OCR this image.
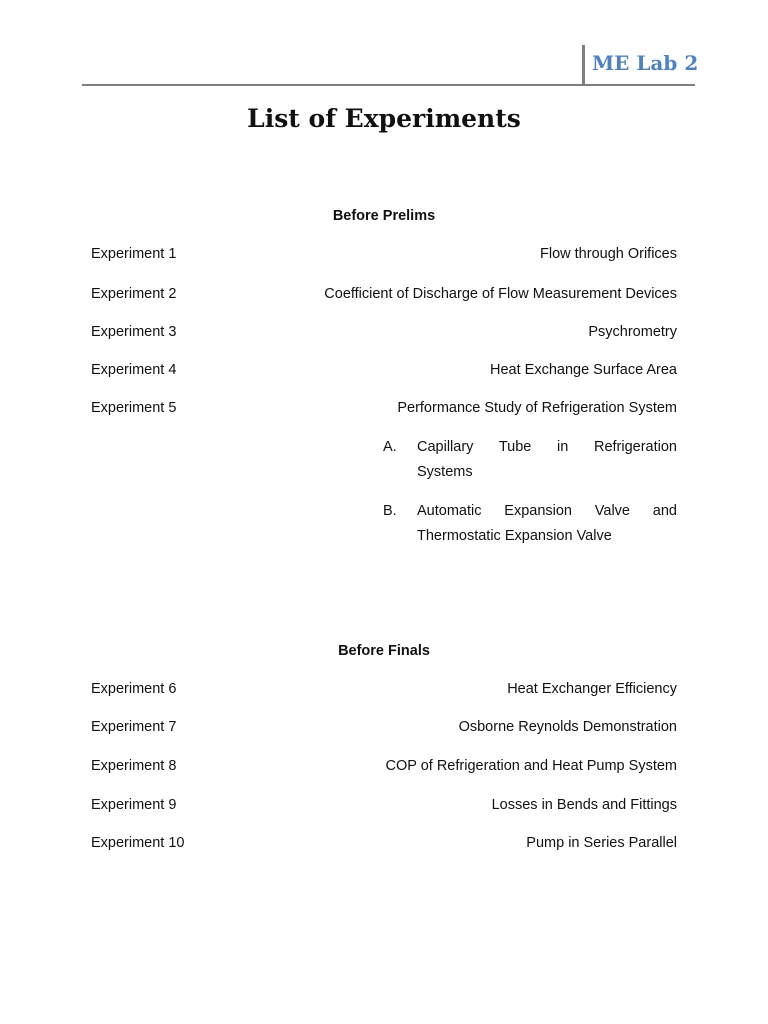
ME Lab 2
List of Experiments
Before Prelims
Experiment 1	Flow through Orifices
Experiment 2	Coefficient of Discharge of Flow Measurement Devices
Experiment 3	Psychrometry
Experiment 4	Heat Exchange Surface Area
Experiment 5	Performance Study of Refrigeration System
A. Capillary Tube in Refrigeration
Systems
B. Automatic Expansion Valve and
Thermostatic Expansion Valve
Before Finals
Experiment 6	Heat Exchanger Efficiency
Experiment 7	Osborne Reynolds Demonstration
Experiment 8	COP of Refrigeration and Heat Pump System
Experiment 9	Losses in Bends and Fittings
Experiment 10	Pump in Series Parallel
